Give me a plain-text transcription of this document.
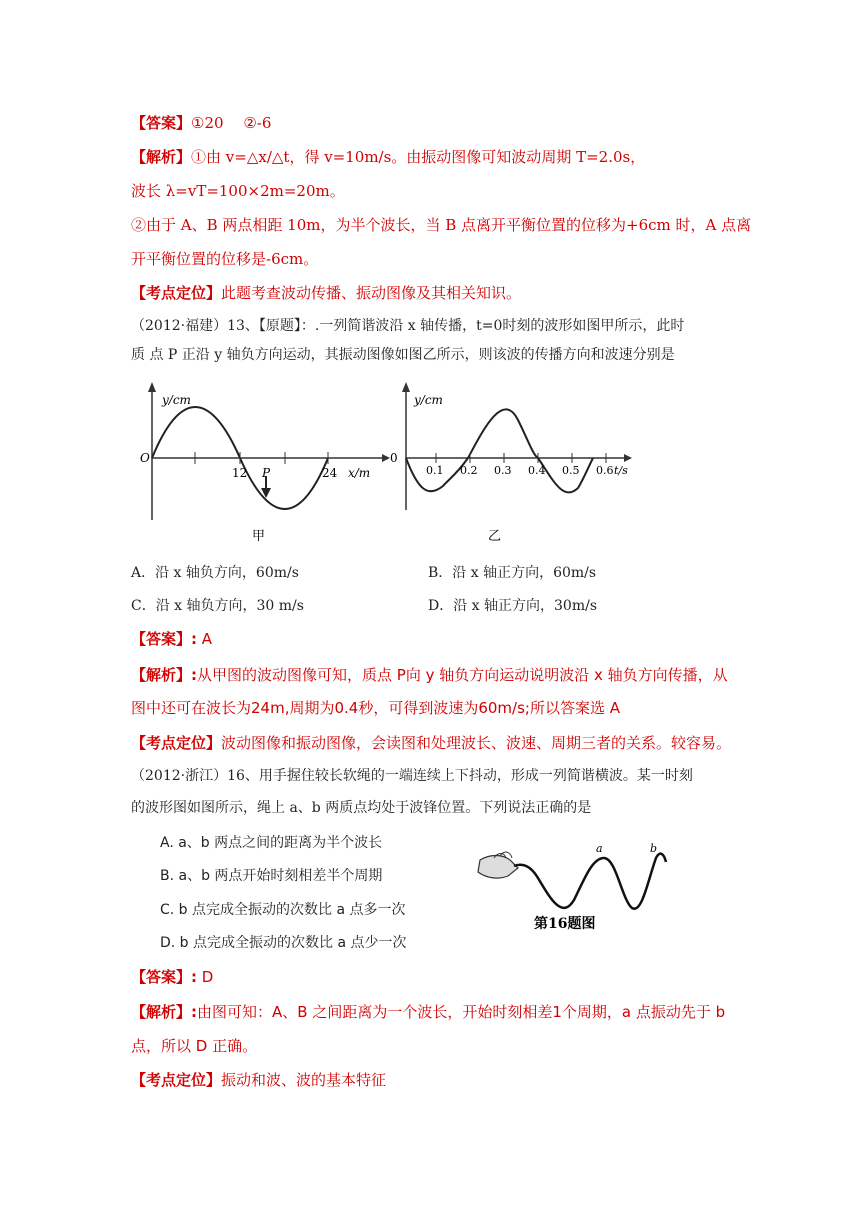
【答案】①20　 ②-6
【解析】①由 v=△x/△t，得 v=10m/s。由振动图像可知波动周期 T=2.0s，
波长 λ=vT=100×2m=20m。
②由于 A、B 两点相距 10m，为半个波长，当 B 点离开平衡位置的位移为+6cm 时，A 点离
开平衡位置的位移是-6cm。
【考点定位】此题考查波动传播、振动图像及其相关知识。
（2012·福建）13、【原题】：.一列简谐波沿 x 轴传播，t=0时刻的波形如图甲所示，此时
质 点 P 正沿 y 轴负方向运动，其振动图像如图乙所示，则该波的传播方向和波速分别是
y/cm
O
12 P	24 x/m
甲
y/cm
0
0.1 0.2 0.3 0.4 0.5 0.6 t/s
乙
A．沿 x 轴负方向，60m/s	B．沿 x 轴正方向，60m/s
C．沿 x 轴负方向，30 m/s	D．沿 x 轴正方向，30m/s
【答案】: A
【解析】:从甲图的波动图像可知，质点 P向 y 轴负方向运动说明波沿 x 轴负方向传播，从
图中还可在波长为24m,周期为0.4秒，可得到波速为60m/s;所以答案选 A
【考点定位】波动图像和振动图像，会读图和处理波长、波速、周期三者的关系。较容易。
（2012·浙江）16、用手握住较长软绳的一端连续上下抖动，形成一列简谐横波。某一时刻
的波形图如图所示，绳上 a、b 两质点均处于波锋位置。下列说法正确的是
A. a、b 两点之间的距离为半个波长
B. a、b 两点开始时刻相差半个周期
C. b 点完成全振动的次数比 a 点多一次
D. b 点完成全振动的次数比 a 点少一次
a	b
第16题图
【答案】: D
【解析】:由图可知：A、B 之间距离为一个波长，开始时刻相差1个周期，a 点振动先于 b
点，所以 D 正确。
【考点定位】振动和波、波的基本特征
